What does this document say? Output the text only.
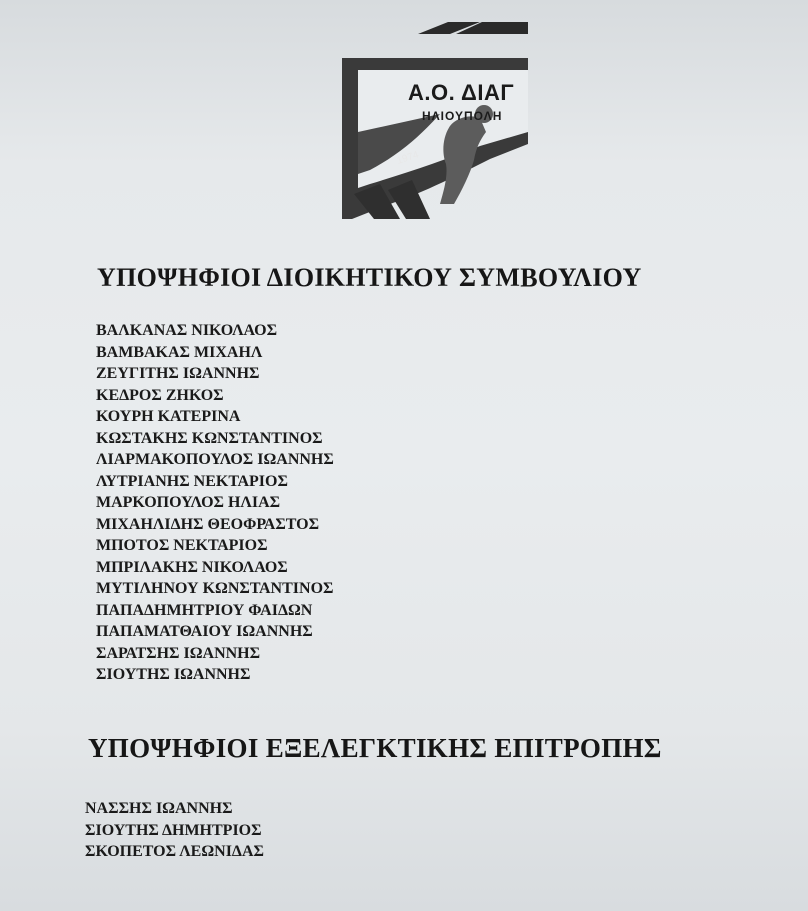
Α.Ο. ΔΙΑΓ
ΗΛΙΟΥΠΟΛΗ
1974
ΥΠΟΨΗΦΙΟΙ ΔΙΟΙΚΗΤΙΚΟΥ ΣΥΜΒΟΥΛΙΟΥ
ΒΑΛΚΑΝΑΣ ΝΙΚΟΛΑΟΣ
ΒΑΜΒΑΚΑΣ ΜΙΧΑΗΛ
ΖΕΥΓΙΤΗΣ ΙΩΑΝΝΗΣ
ΚΕΔΡΟΣ ΖΗΚΟΣ
ΚΟΥΡΗ ΚΑΤΕΡΙΝΑ
ΚΩΣΤΑΚΗΣ ΚΩΝΣΤΑΝΤΙΝΟΣ
ΛΙΑΡΜΑΚΟΠΟΥΛΟΣ ΙΩΑΝΝΗΣ
ΛΥΤΡΙΑΝΗΣ ΝΕΚΤΑΡΙΟΣ
ΜΑΡΚΟΠΟΥΛΟΣ ΗΛΙΑΣ
ΜΙΧΑΗΛΙΔΗΣ ΘΕΟΦΡΑΣΤΟΣ
ΜΠΟΤΟΣ ΝΕΚΤΑΡΙΟΣ
ΜΠΡΙΛΑΚΗΣ ΝΙΚΟΛΑΟΣ
ΜΥΤΙΛΗΝΟΥ ΚΩΝΣΤΑΝΤΙΝΟΣ
ΠΑΠΑΔΗΜΗΤΡΙΟΥ ΦΑΙΔΩΝ
ΠΑΠΑΜΑΤΘΑΙΟΥ ΙΩΑΝΝΗΣ
ΣΑΡΑΤΣΗΣ ΙΩΑΝΝΗΣ
ΣΙΟΥΤΗΣ ΙΩΑΝΝΗΣ
ΥΠΟΨΗΦΙΟΙ ΕΞΕΛΕΓΚΤΙΚΗΣ ΕΠΙΤΡΟΠΗΣ
ΝΑΣΣΗΣ ΙΩΑΝΝΗΣ
ΣΙΟΥΤΗΣ ΔΗΜΗΤΡΙΟΣ
ΣΚΟΠΕΤΟΣ ΛΕΩΝΙΔΑΣ
